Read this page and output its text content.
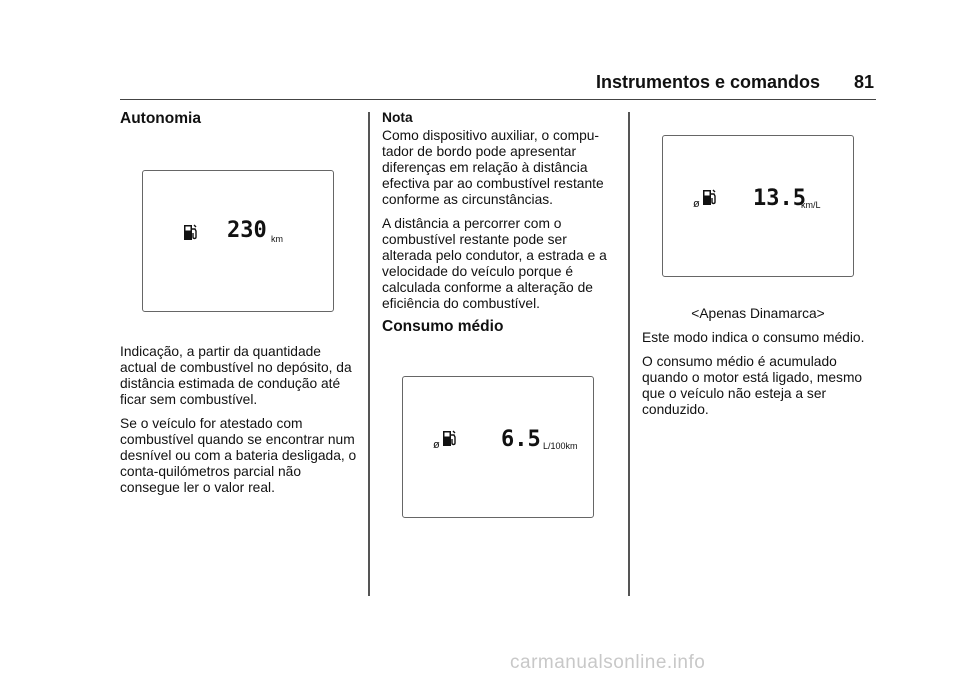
Instrumentos e comandos 81
Autonomia
230 km

Indicação, a partir da quantidade actual de combustível no depósito, da distância estimada de condução até ficar sem combustível.

Se o veículo for atestado com combustível quando se encontrar num desnível ou com a bateria desligada, o conta-quilómetros parcial não consegue ler o valor real.

Nota

Como dispositivo auxiliar, o compu- tador de bordo pode apresentar diferenças em relação à distância efectiva par ao combustível restante conforme as circunstâncias.

A distância a percorrer com o combustível restante pode ser alterada pelo condutor, a estrada e a velocidade do veículo porque é calculada conforme a alteração de eficiência do combustível.

Consumo médio
ø	6.5 L/100km
ø 13.5
km/L
<Apenas Dinamarca>

Este modo indica o consumo médio.

O consumo médio é acumulado quando o motor está ligado, mesmo que o veículo não esteja a ser conduzido.

carmanualsonline.info
